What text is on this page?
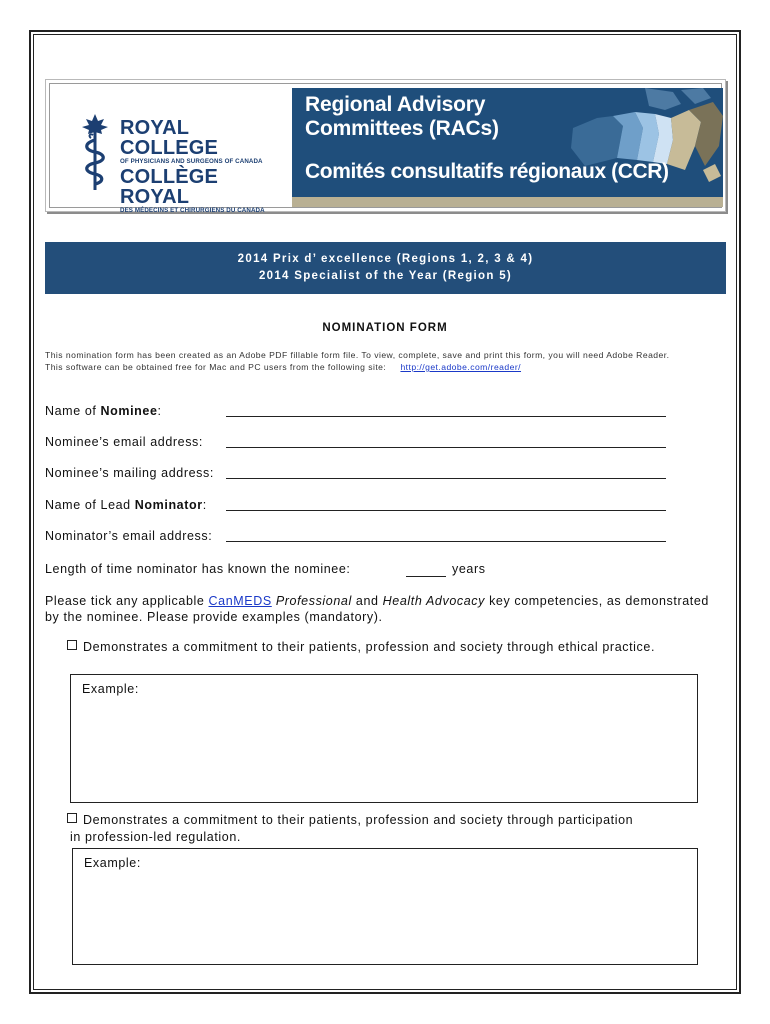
ROYAL COLLEGE
OF PHYSICIANS AND SURGEONS OF CANADA
COLLÈGE ROYAL
DES MÉDECINS ET CHIRURGIENS DU CANADA
Regional Advisory
Committees (RACs)
Comités consultatifs régionaux (CCR)
2014 Prix d’ excellence (Regions 1, 2, 3 & 4)
2014 Specialist of the Year (Region 5)
NOMINATION FORM
This nomination form has been created as an Adobe PDF fillable form file. To view, complete, save and print this form, you will need Adobe Reader.
This software can be obtained free for Mac and PC users from the following site: http://get.adobe.com/reader/
Name of Nominee:
Nominee’s email address:
Nominee’s mailing address:
Name of Lead Nominator:
Nominator’s email address:
Length of time nominator has known the nominee:	years
Please tick any applicable CanMEDS Professional and Health Advocacy key competencies, as demonstrated
by the nominee. Please provide examples (mandatory).
Demonstrates a commitment to their patients, profession and society through ethical practice.
Example:
Demonstrates a commitment to their patients, profession and society through participation
in profession-led regulation.
Example:
